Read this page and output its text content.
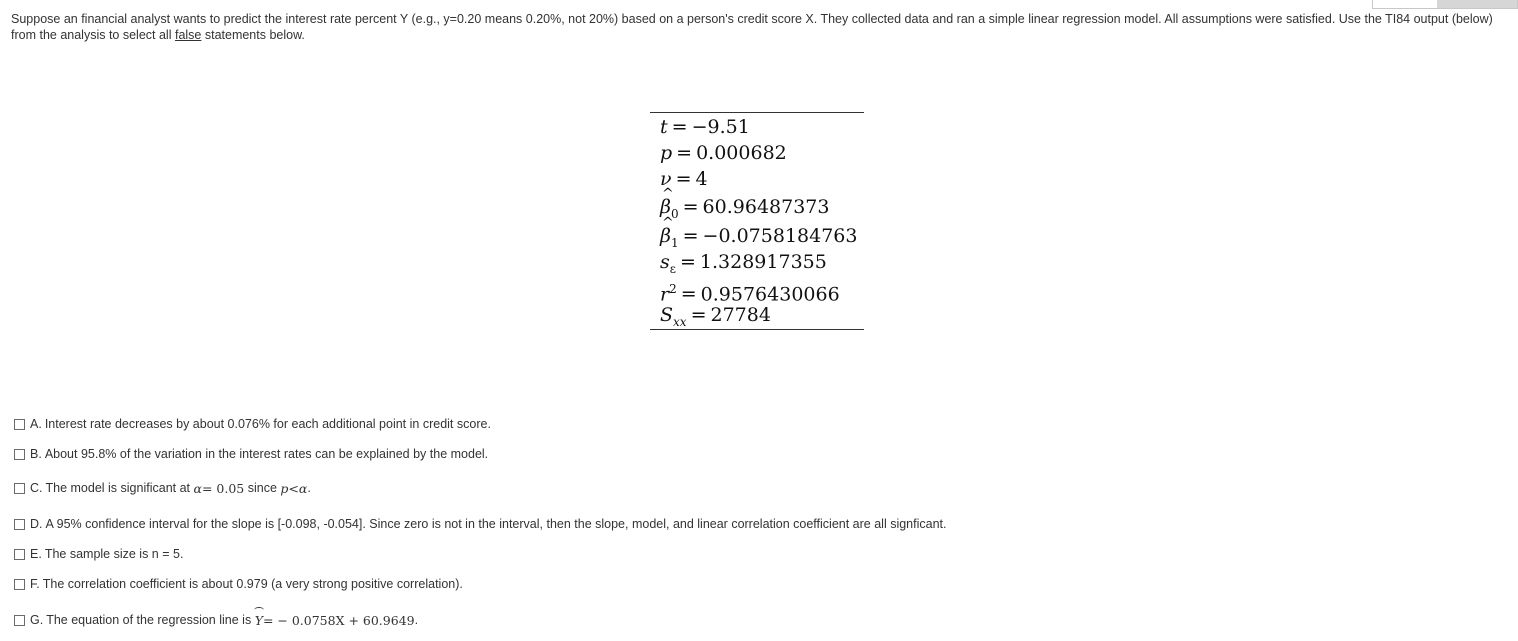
Suppose an financial analyst wants to predict the interest rate percent Y (e.g., y=0.20 means 0.20%, not 20%) based on a person's credit score X. They collected data and ran a simple linear regression model. All assumptions were satisfied. Use the TI84 output (below) from the analysis to select all false statements below.
t = −9.51
p = 0.000682
ν = 4
^ $\beta_0 = 60.96487373$
^ $\beta_1 = -0.0758184763$
$s_\varepsilon = 1.328917355$
$r^2 = 0.9576430066$
$S_{xx} = 27784$
A. Interest rate decreases by about 0.076% for each additional point in credit score.
B. About 95.8% of the variation in the interest rates can be explained by the model.
C. The model is significant at
α = 0.05
since
p < α .
D. A 95% confidence interval for the slope is [-0.098, -0.054]. Since zero is not in the interval, then the slope, model, and linear correlation coefficient are all signficant.
E. The sample size is n = 5.
F. The correlation coefficient is about 0.979 (a very strong positive correlation).
G. The equation of the regression line is
Y = − 0.0758X + 60.9649 .
